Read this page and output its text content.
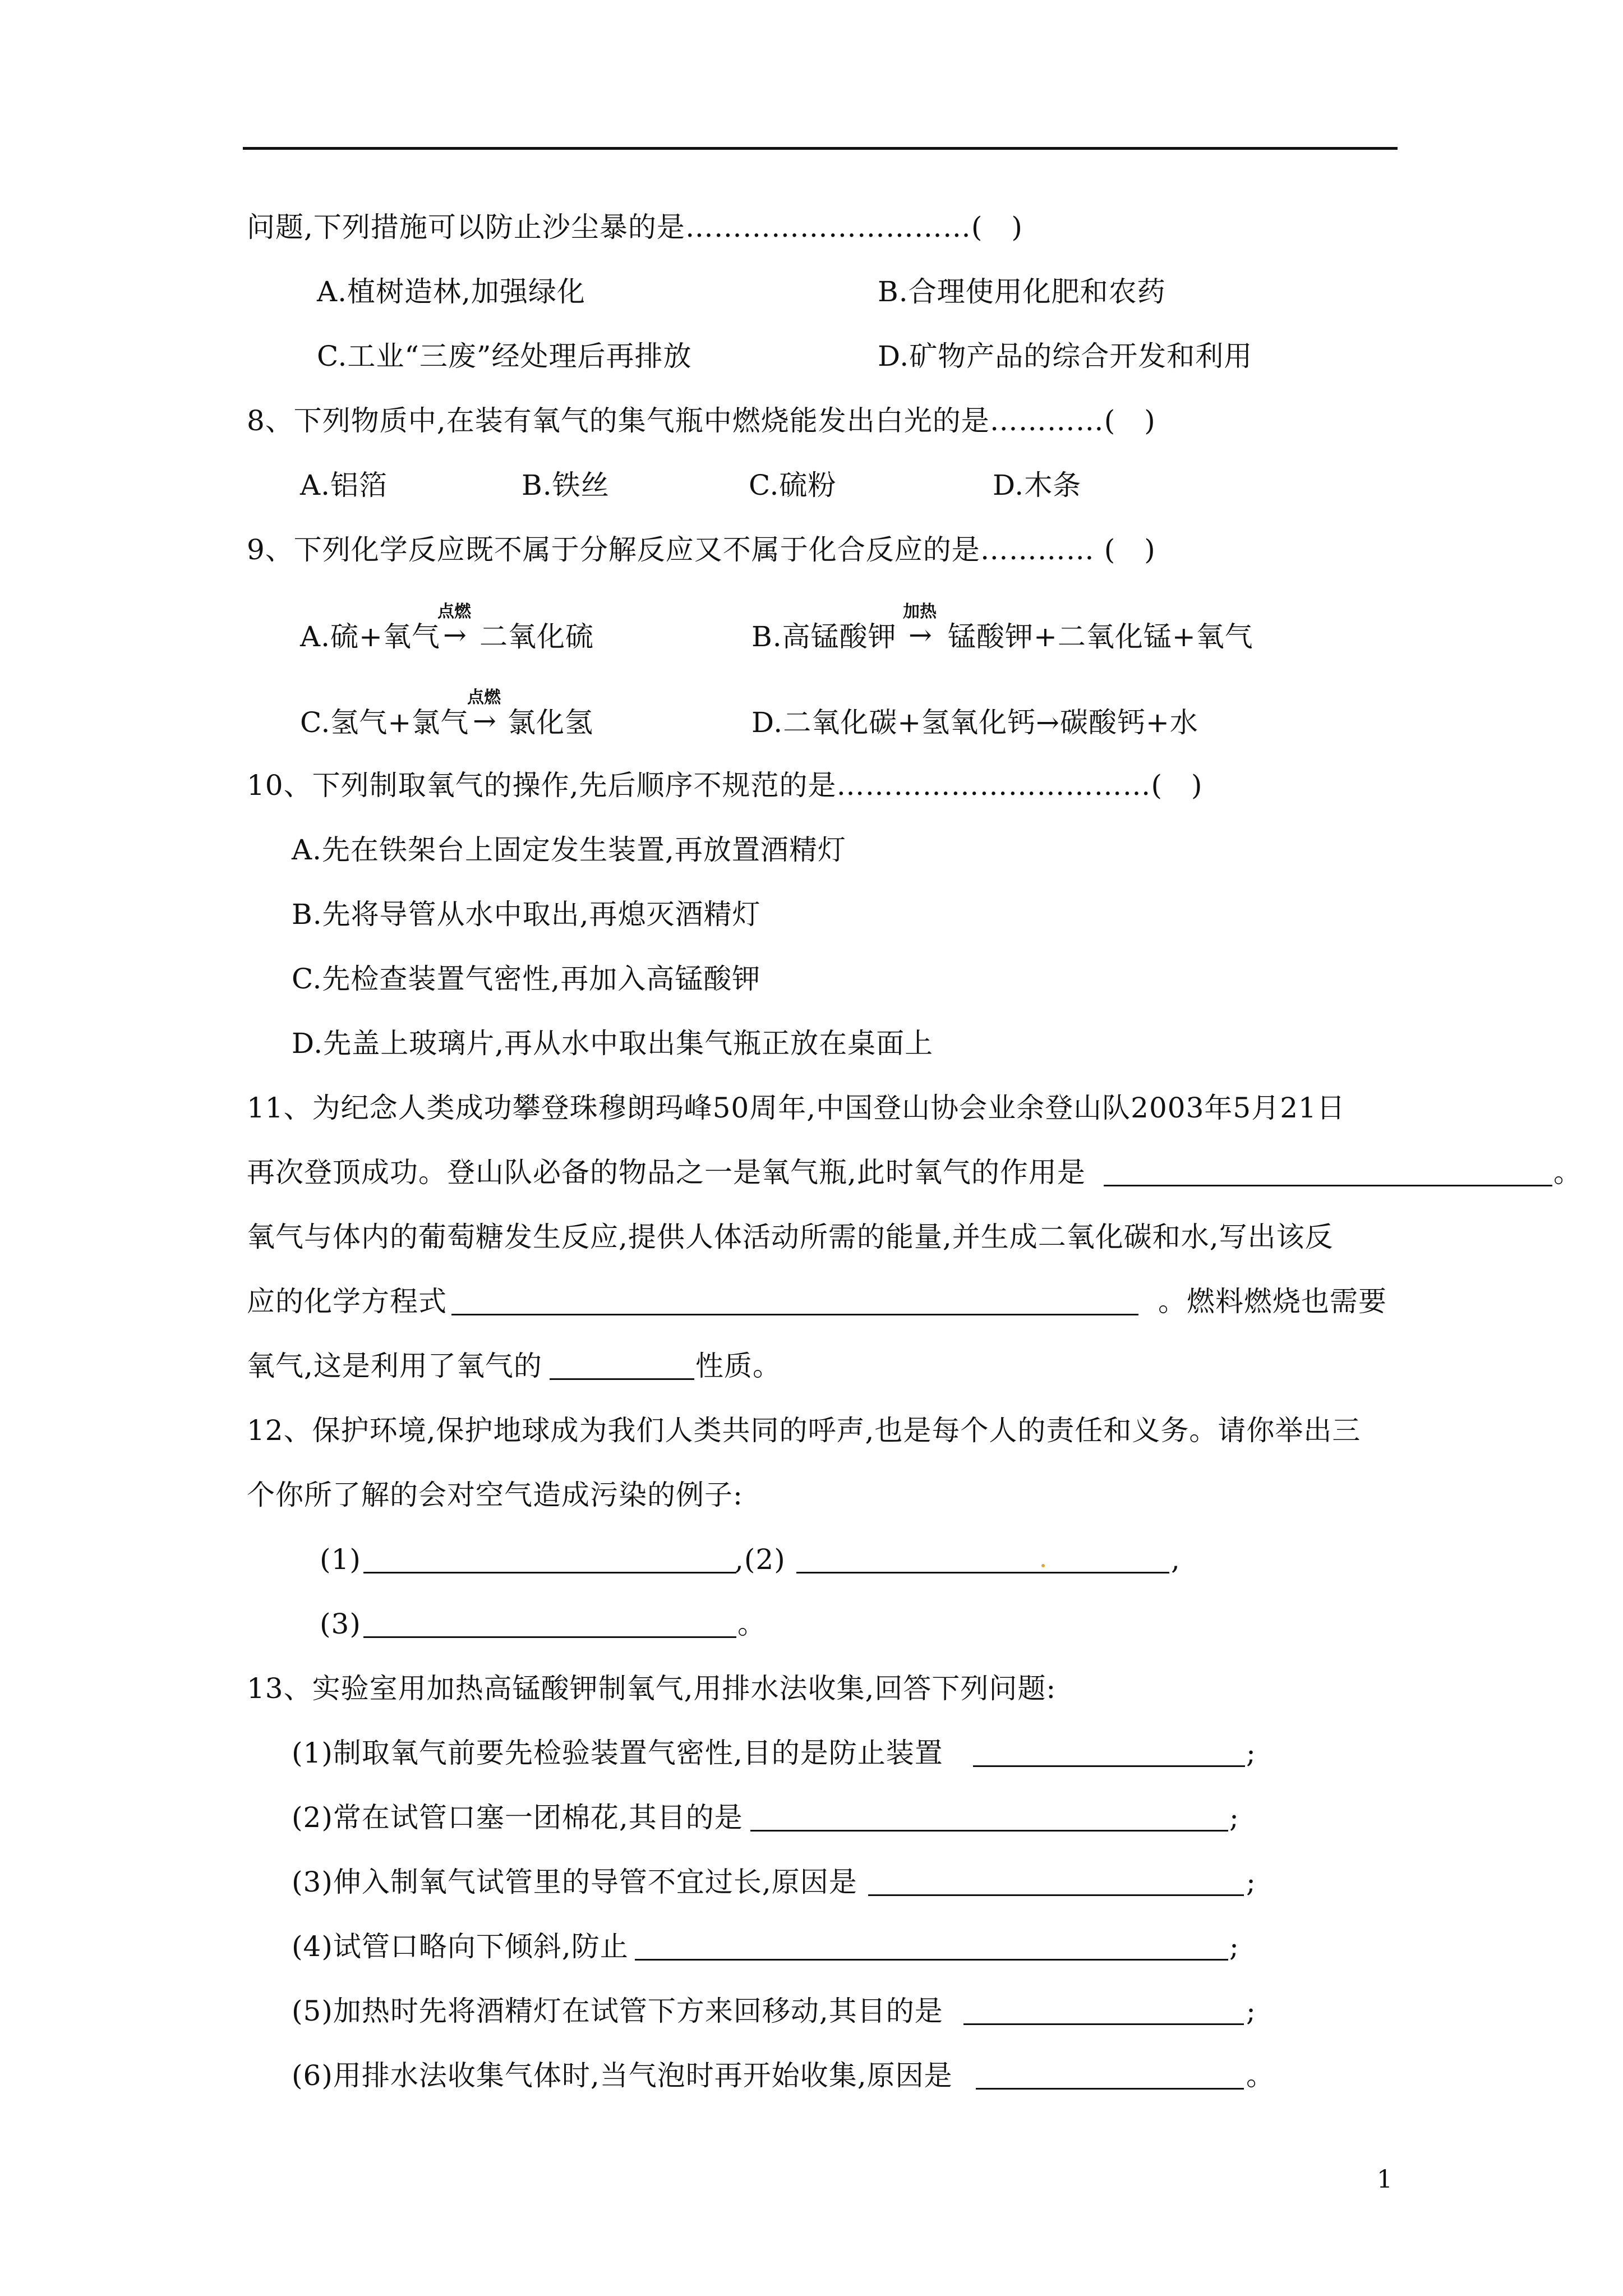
问题,下列措施可以防止沙尘暴的是…………………………(　)
A.植树造林,加强绿化	B.合理使用化肥和农药
C.工业“三废”经处理后再排放	D.矿物产品的综合开发和利用
8、下列物质中,在装有氧气的集气瓶中燃烧能发出白光的是…………(　)
A.铝箔	B.铁丝	C.硫粉	D.木条
9、下列化学反应既不属于分解反应又不属于化合反应的是………… (　)
A.硫+氧气
点燃
→ 二氧化硫	B.高锰酸钾
加热
→ 锰酸钾+二氧化锰+氧气
C.氢气+氯气
点燃
→ 氯化氢	D.二氧化碳+氢氧化钙→碳酸钙+水
10、下列制取氧气的操作,先后顺序不规范的是……………………………(　)
A.先在铁架台上固定发生装置,再放置酒精灯
B.先将导管从水中取出,再熄灭酒精灯
C.先检查装置气密性,再加入高锰酸钾
D.先盖上玻璃片,再从水中取出集气瓶正放在桌面上
11、为纪念人类成功攀登珠穆朗玛峰50周年,中国登山协会业余登山队2003年5月21日
再次登顶成功。登山队必备的物品之一是氧气瓶,此时氧气的作用是	。
氧气与体内的葡萄糖发生反应,提供人体活动所需的能量,并生成二氧化碳和水,写出该反
应的化学方程式	。燃料燃烧也需要
氧气,这是利用了氧气的	性质。
12、保护环境,保护地球成为我们人类共同的呼声,也是每个人的责任和义务。请你举出三
个你所了解的会对空气造成污染的例子:
(1)	,(2)	,
(3)	。
13、实验室用加热高锰酸钾制氧气,用排水法收集,回答下列问题:
(1)制取氧气前要先检验装置气密性,目的是防止装置	;
(2)常在试管口塞一团棉花,其目的是	;
(3)伸入制氧气试管里的导管不宜过长,原因是	;
(4)试管口略向下倾斜,防止	;
(5)加热时先将酒精灯在试管下方来回移动,其目的是	;
(6)用排水法收集气体时,当气泡时再开始收集,原因是	。
1
